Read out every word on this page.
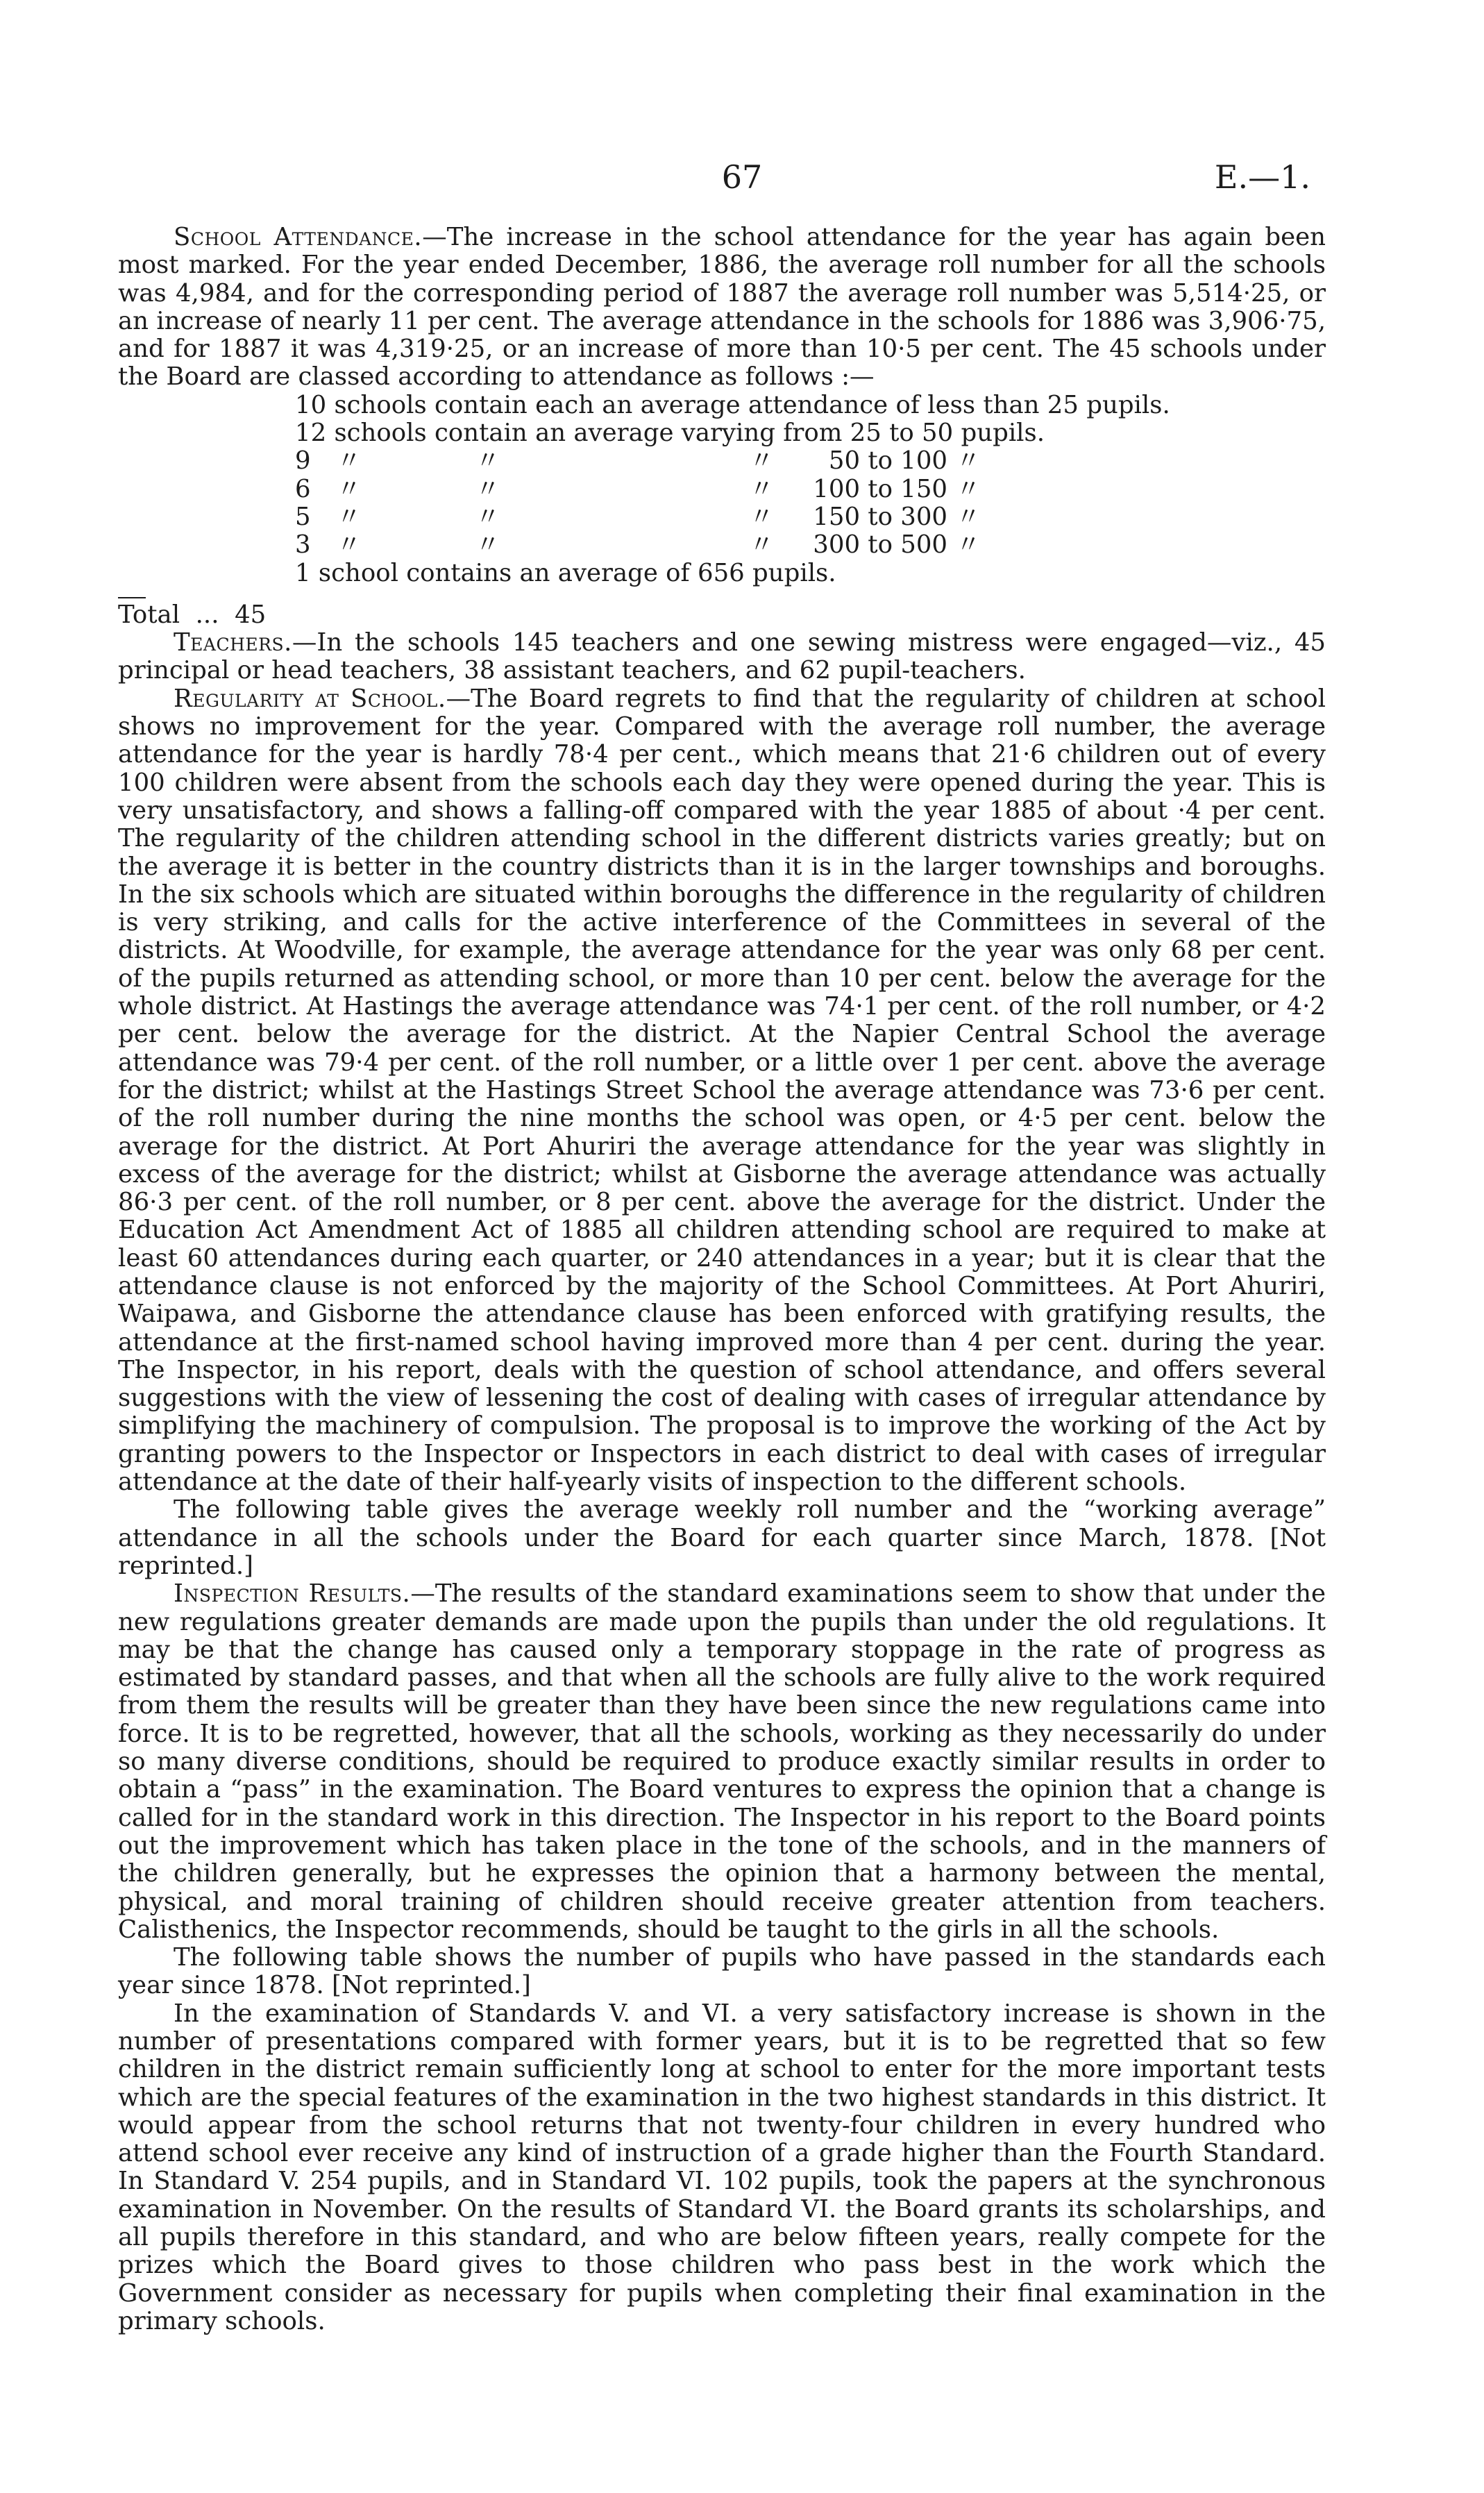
67	E.—1.

School Attendance.—The increase in the school attendance for the year has again been most marked. For the year ended December, 1886, the average roll number for all the schools was 4,984, and for the corresponding period of 1887 the average roll number was 5,514·25, or an increase of nearly 11 per cent. The average attendance in the schools for 1886 was 3,906·75, and for 1887 it was 4,319·25, or an increase of more than 10·5 per cent. The 45 schools under the Board are classed according to attendance as follows :—

10 schools contain each an average attendance of less than 25 pupils.
12 schools contain an average varying from 25 to 50 pupils.
9	〃	〃	〃	50 to 100 〃
6	〃	〃	〃	100 to 150 〃
5	〃	〃	〃	150 to 300 〃
3	〃	〃	〃	300 to 500 〃
1 school contains an average of 656 pupils.
Total  ...  45

Teachers.—In the schools 145 teachers and one sewing mistress were engaged—viz., 45 principal or head teachers, 38 assistant teachers, and 62 pupil-teachers.

Regularity at School.—The Board regrets to find that the regularity of children at school shows no improvement for the year. Compared with the average roll number, the average attendance for the year is hardly 78·4 per cent., which means that 21·6 children out of every 100 children were absent from the schools each day they were opened during the year. This is very unsatisfactory, and shows a falling-off compared with the year 1885 of about ·4 per cent. The regularity of the children attending school in the different districts varies greatly; but on the average it is better in the country districts than it is in the larger townships and boroughs. In the six schools which are situated within boroughs the difference in the regularity of children is very striking, and calls for the active interference of the Committees in several of the districts. At Woodville, for example, the average attendance for the year was only 68 per cent. of the pupils returned as attending school, or more than 10 per cent. below the average for the whole district. At Hastings the average attendance was 74·1 per cent. of the roll number, or 4·2 per cent. below the average for the district. At the Napier Central School the average attendance was 79·4 per cent. of the roll number, or a little over 1 per cent. above the average for the district; whilst at the Hastings Street School the average attendance was 73·6 per cent. of the roll number during the nine months the school was open, or 4·5 per cent. below the average for the district. At Port Ahuriri the average attendance for the year was slightly in excess of the average for the district; whilst at Gisborne the average attendance was actually 86·3 per cent. of the roll number, or 8 per cent. above the average for the district. Under the Education Act Amendment Act of 1885 all children attending school are required to make at least 60 attendances during each quarter, or 240 attendances in a year; but it is clear that the attendance clause is not enforced by the majority of the School Committees. At Port Ahuriri, Waipawa, and Gisborne the attendance clause has been enforced with gratifying results, the attendance at the first-named school having improved more than 4 per cent. during the year. The Inspector, in his report, deals with the question of school attendance, and offers several suggestions with the view of lessening the cost of dealing with cases of irregular attendance by simplifying the machinery of compulsion. The proposal is to improve the working of the Act by granting powers to the Inspector or Inspectors in each district to deal with cases of irregular attendance at the date of their half-yearly visits of inspection to the different schools.

The following table gives the average weekly roll number and the “working average” attendance in all the schools under the Board for each quarter since March, 1878. [Not reprinted.]

Inspection Results.—The results of the standard examinations seem to show that under the new regulations greater demands are made upon the pupils than under the old regulations. It may be that the change has caused only a temporary stoppage in the rate of progress as estimated by standard passes, and that when all the schools are fully alive to the work required from them the results will be greater than they have been since the new regulations came into force. It is to be regretted, however, that all the schools, working as they necessarily do under so many diverse conditions, should be required to produce exactly similar results in order to obtain a “pass” in the examination. The Board ventures to express the opinion that a change is called for in the standard work in this direction. The Inspector in his report to the Board points out the improvement which has taken place in the tone of the schools, and in the manners of the children generally, but he expresses the opinion that a harmony between the mental, physical, and moral training of children should receive greater attention from teachers. Calisthenics, the Inspector recommends, should be taught to the girls in all the schools.

The following table shows the number of pupils who have passed in the standards each year since 1878. [Not reprinted.]

In the examination of Standards V. and VI. a very satisfactory increase is shown in the number of presentations compared with former years, but it is to be regretted that so few children in the district remain sufficiently long at school to enter for the more important tests which are the special features of the examination in the two highest standards in this district. It would appear from the school returns that not twenty-four children in every hundred who attend school ever receive any kind of instruction of a grade higher than the Fourth Standard. In Standard V. 254 pupils, and in Standard VI. 102 pupils, took the papers at the synchronous examination in November. On the results of Standard VI. the Board grants its scholarships, and all pupils therefore in this standard, and who are below fifteen years, really compete for the prizes which the Board gives to those children who pass best in the work which the Government consider as necessary for pupils when completing their final examination in the primary schools.
